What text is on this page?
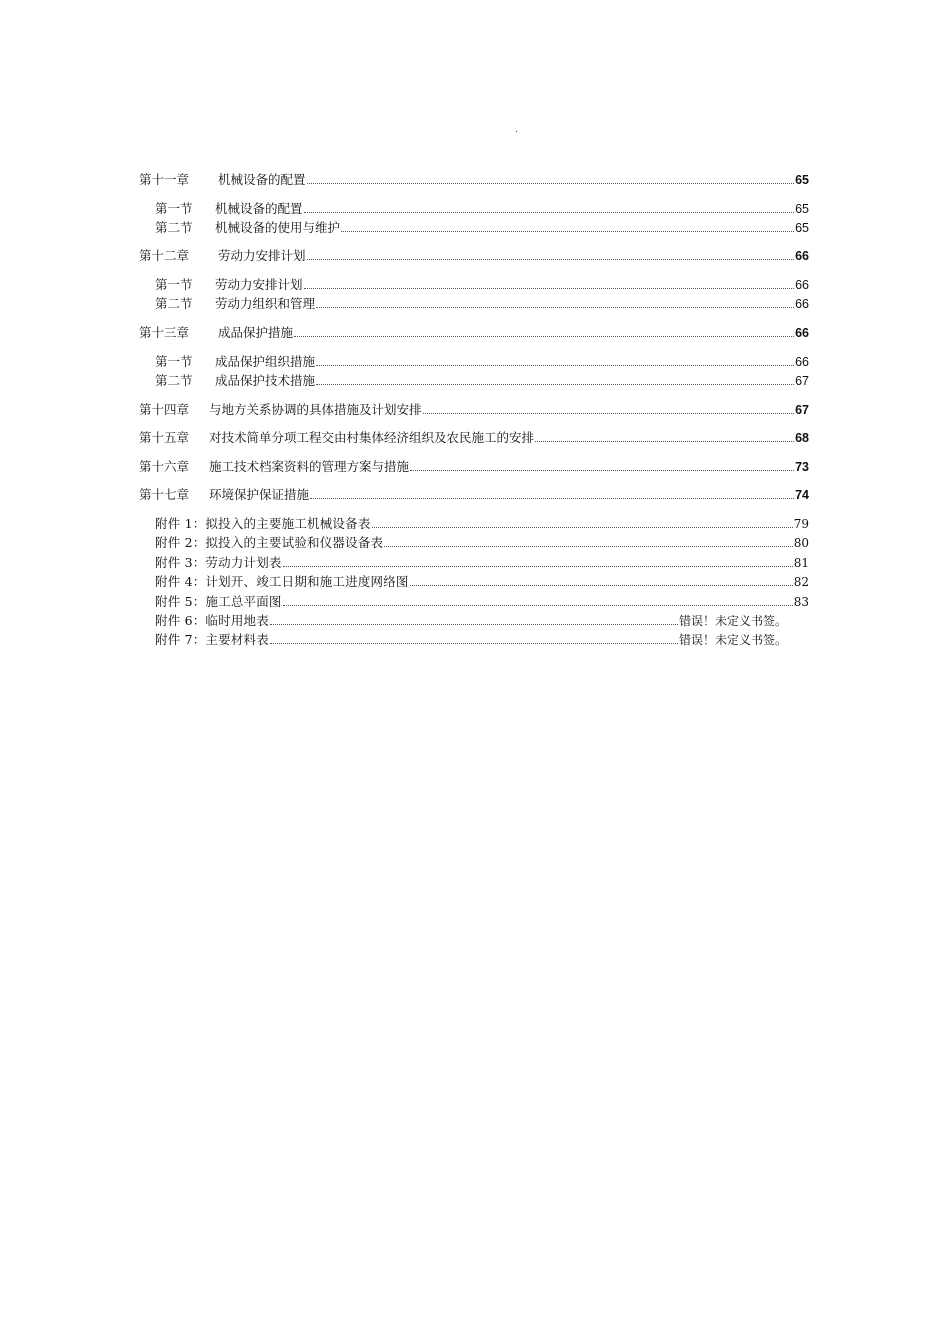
.
第十一章	机械设备的配置	65
第一节	机械设备的配置	65
第二节	机械设备的使用与维护	65
第十二章	劳动力安排计划	66
第一节	劳动力安排计划	66
第二节	劳动力组织和管理	66
第十三章	成品保护措施	66
第一节	成品保护组织措施	66
第二节	成品保护技术措施	67
第十四章	与地方关系协调的具体措施及计划安排	67
第十五章	对技术简单分项工程交由村集体经济组织及农民施工的安排	68
第十六章	施工技术档案资料的管理方案与措施	73
第十七章	环境保护保证措施	74
附件 1：拟投入的主要施工机械设备表	79
附件 2：拟投入的主要试验和仪器设备表	80
附件 3：劳动力计划表	81
附件 4：计划开、竣工日期和施工进度网络图	82
附件 5：施工总平面图	83
附件 6：临时用地表	错误！未定义书签。
附件 7：主要材料表	错误！未定义书签。
